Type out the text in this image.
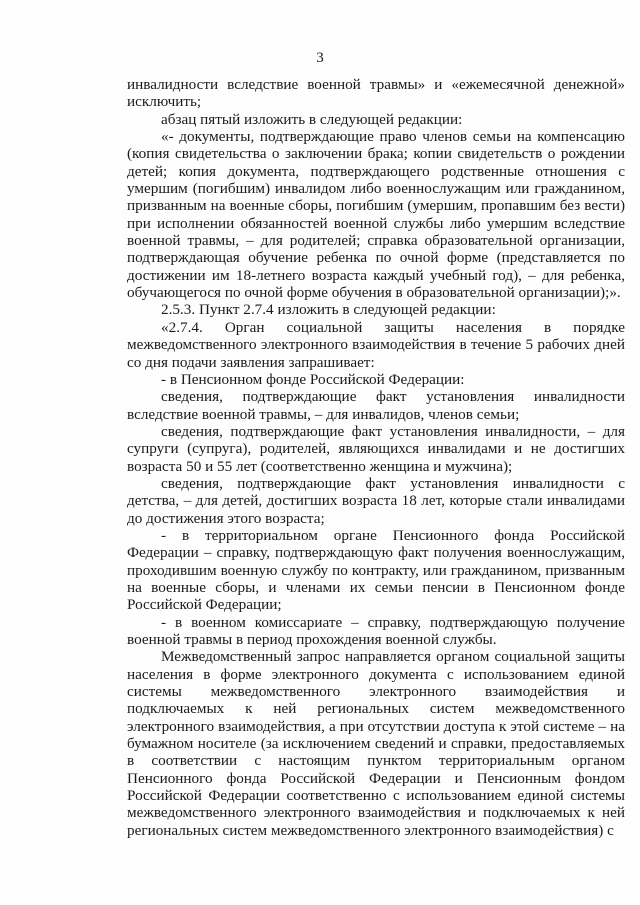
3

инвалидности вследствие военной травмы» и «ежемесячной денежной» исключить;

абзац пятый изложить в следующей редакции:

«- документы, подтверждающие право членов семьи на компенсацию (копия свидетельства о заключении брака; копии свидетельств о рождении детей; копия документа, подтверждающего родственные отношения с умершим (погибшим) инвалидом либо военнослужащим или гражданином, призванным на военные сборы, погибшим (умершим, пропавшим без вести) при исполнении обязанностей военной службы либо умершим вследствие военной травмы, – для родителей; справка образовательной организации, подтверждающая обучение ребенка по очной форме (представляется по достижении им 18-летнего возраста каждый учебный год), – для ребенка, обучающегося по очной форме обучения в образовательной организации);».

2.5.3. Пункт 2.7.4 изложить в следующей редакции:

«2.7.4. Орган социальной защиты населения в порядке межведомственного электронного взаимодействия в течение 5 рабочих дней со дня подачи заявления запрашивает:

- в Пенсионном фонде Российской Федерации:

сведения, подтверждающие факт установления инвалидности вследствие военной травмы, – для инвалидов, членов семьи;

сведения, подтверждающие факт установления инвалидности, – для супруги (супруга), родителей, являющихся инвалидами и не достигших возраста 50 и 55 лет (соответственно женщина и мужчина);

сведения, подтверждающие факт установления инвалидности с детства, – для детей, достигших возраста 18 лет, которые стали инвалидами до достижения этого возраста;

- в территориальном органе Пенсионного фонда Российской Федерации – справку, подтверждающую факт получения военнослужащим, проходившим военную службу по контракту, или гражданином, призванным на военные сборы, и членами их семьи пенсии в Пенсионном фонде Российской Федерации;

- в военном комиссариате – справку, подтверждающую получение военной травмы в период прохождения военной службы.

Межведомственный запрос направляется органом социальной защиты населения в форме электронного документа с использованием единой системы межведомственного электронного взаимодействия и подключаемых к ней региональных систем межведомственного электронного взаимодействия, а при отсутствии доступа к этой системе – на бумажном носителе (за исключением сведений и справки, предоставляемых в соответствии с настоящим пунктом территориальным органом Пенсионного фонда Российской Федерации и Пенсионным фондом Российской Федерации соответственно с использованием единой системы межведомственного электронного взаимодействия и подключаемых к ней региональных систем межведомственного электронного взаимодействия) с
